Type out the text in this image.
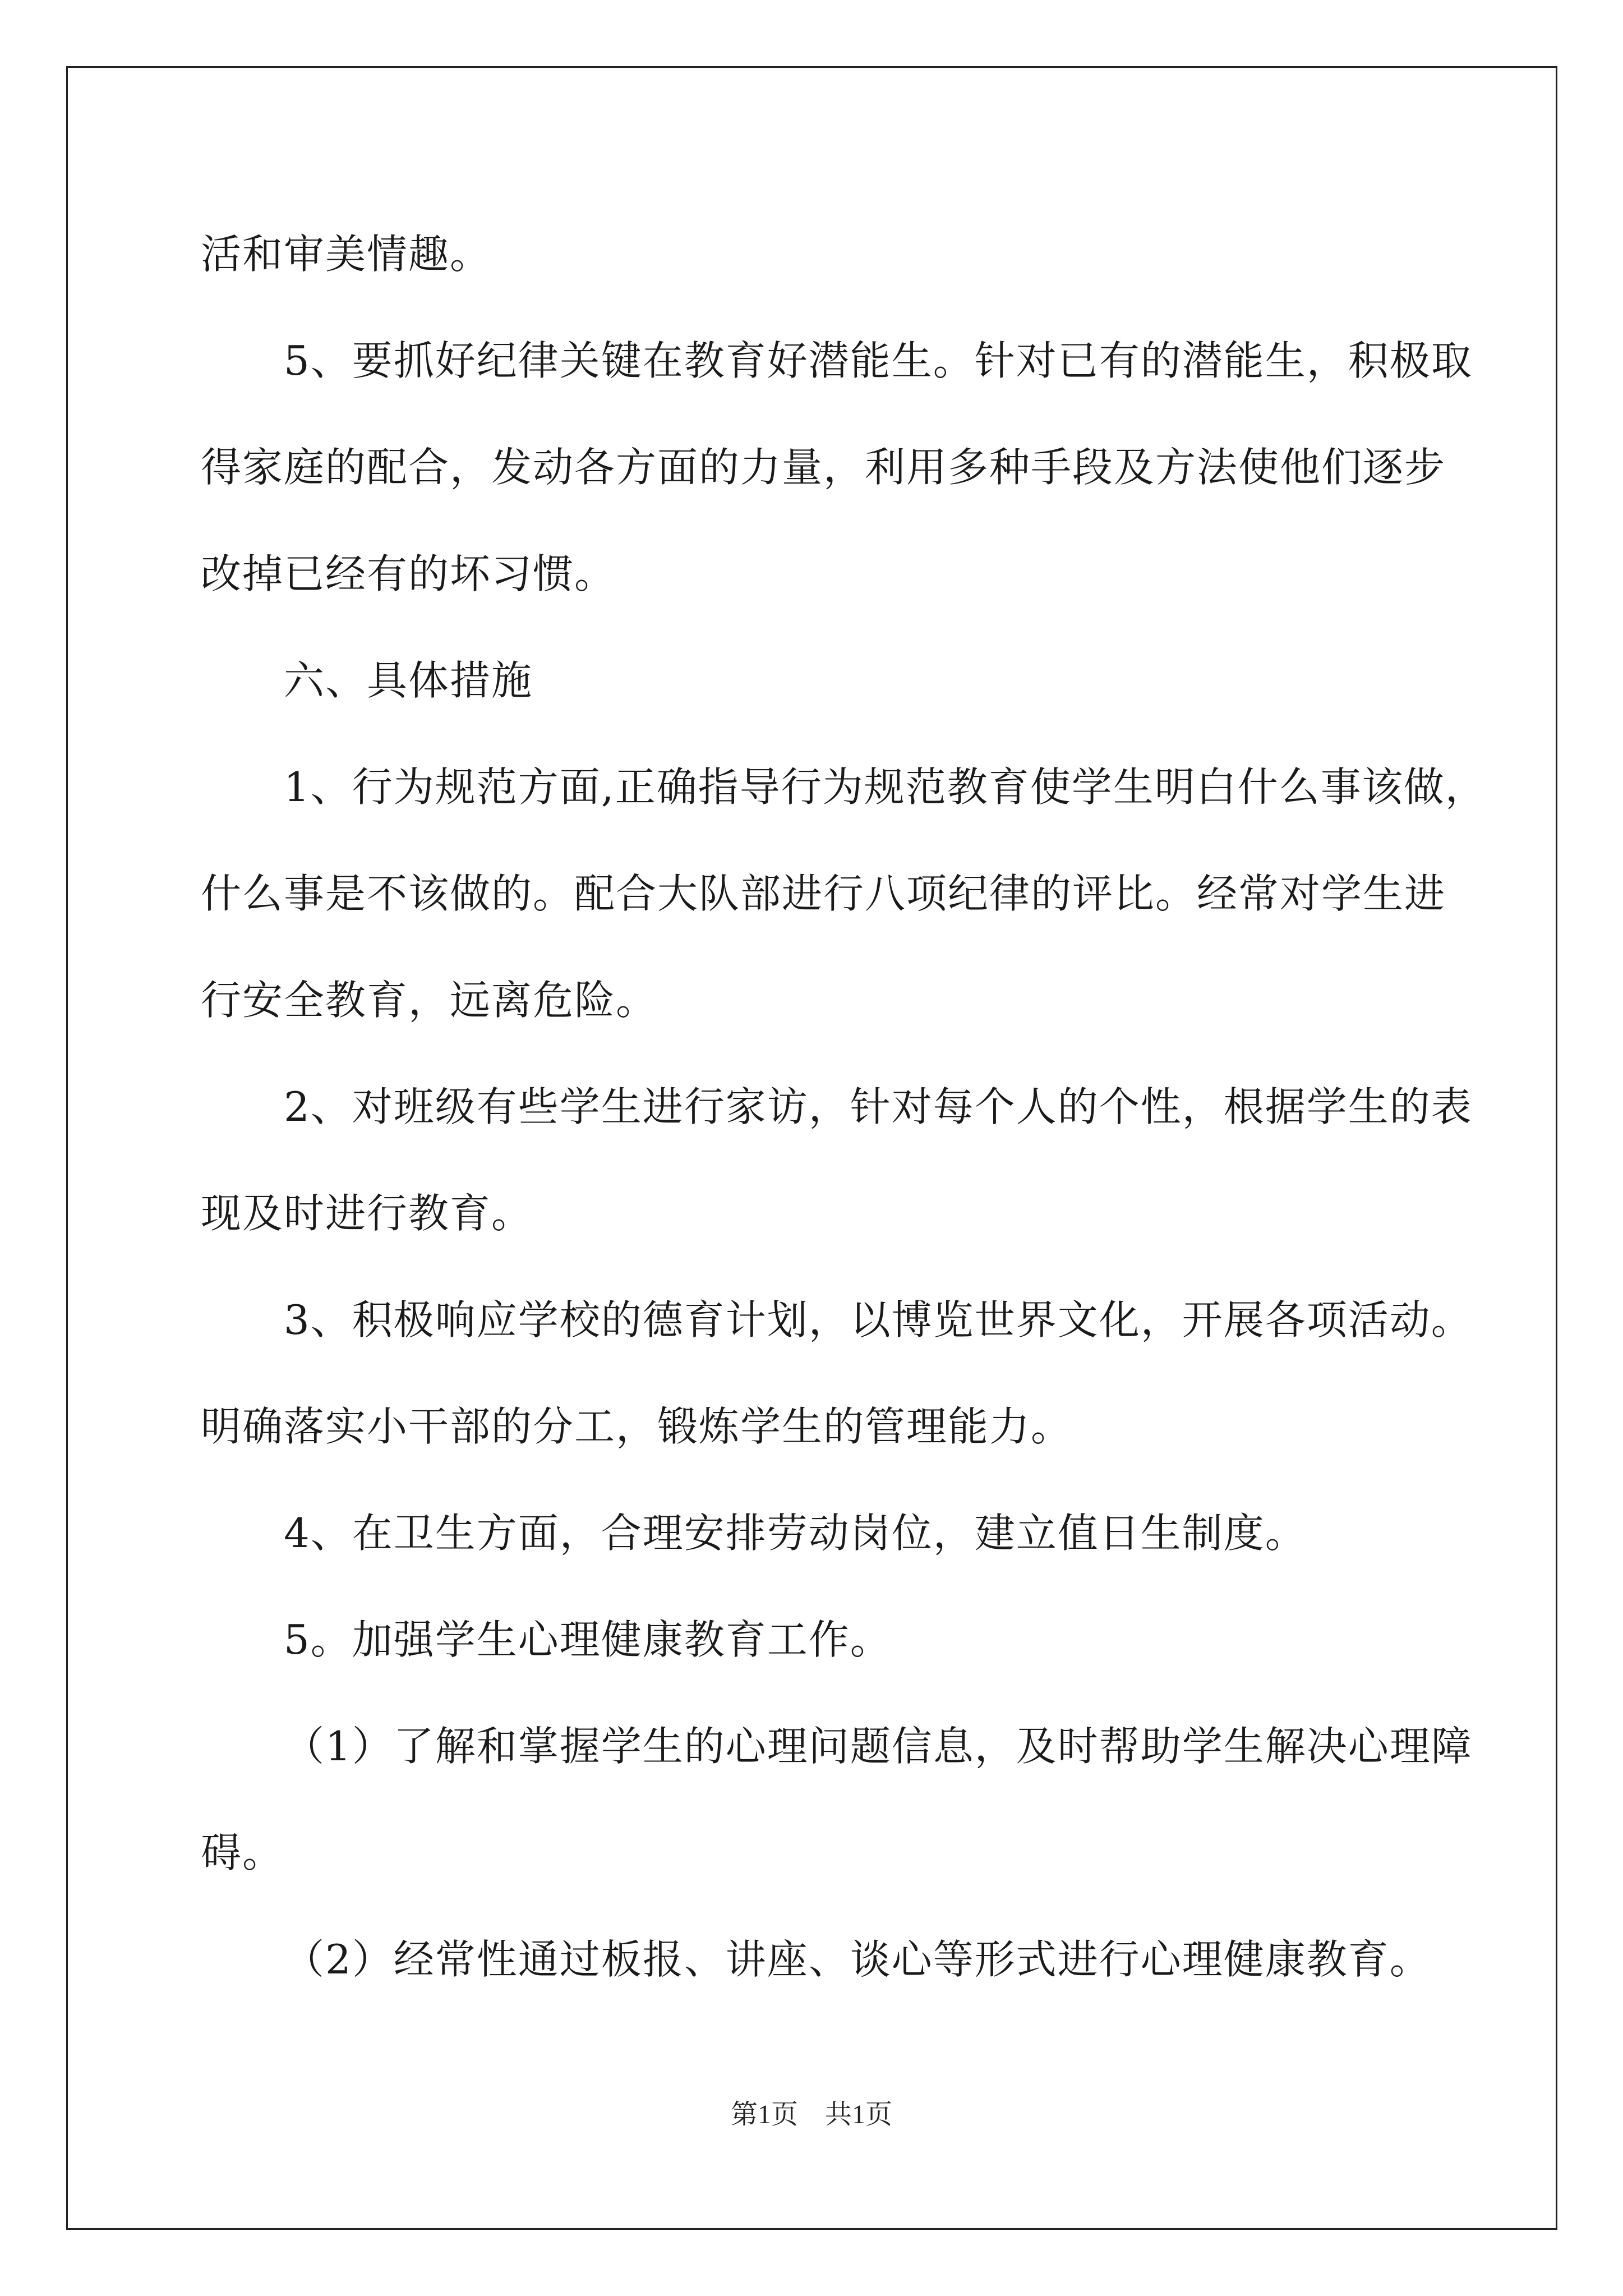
活和审美情趣。
5、要抓好纪律关键在教育好潜能生。针对已有的潜能生，积极取
得家庭的配合，发动各方面的力量，利用多种手段及方法使他们逐步
改掉已经有的坏习惯。
六、具体措施
1、行为规范方面,正确指导行为规范教育使学生明白什么事该做，
什么事是不该做的。配合大队部进行八项纪律的评比。经常对学生进
行安全教育，远离危险。
2、对班级有些学生进行家访，针对每个人的个性，根据学生的表
现及时进行教育。
3、积极响应学校的德育计划，以博览世界文化，开展各项活动。
明确落实小干部的分工，锻炼学生的管理能力。
4、在卫生方面，合理安排劳动岗位，建立值日生制度。
5。加强学生心理健康教育工作。
（1）了解和掌握学生的心理问题信息，及时帮助学生解决心理障
碍。
（2）经常性通过板报、讲座、谈心等形式进行心理健康教育。
第1页　共1页
